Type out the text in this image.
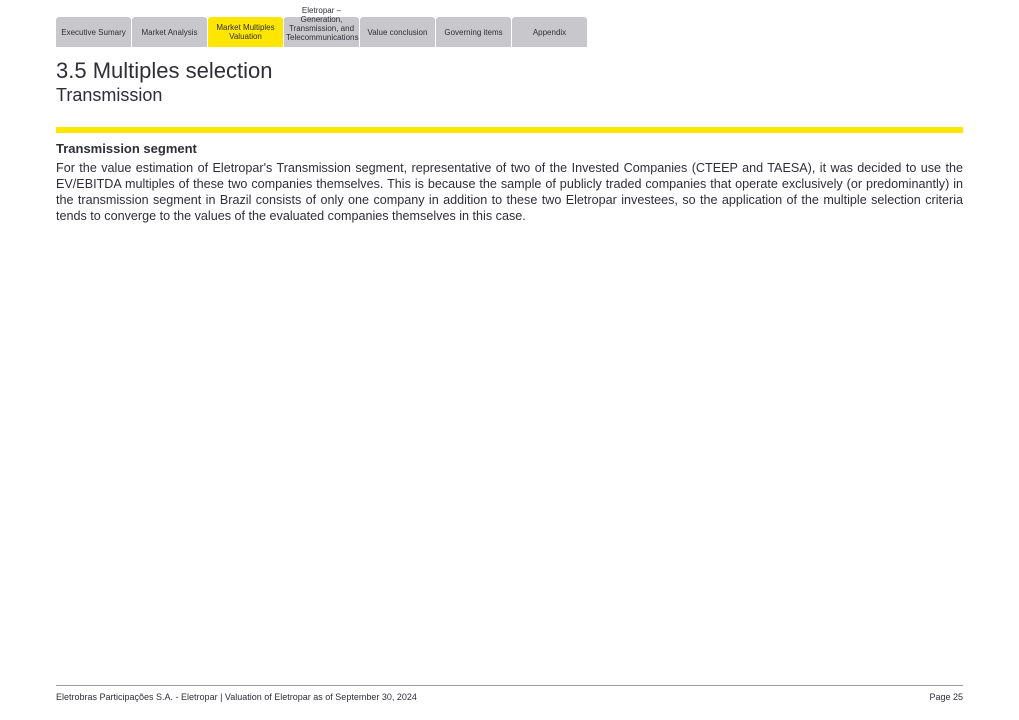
Executive Sumary Market Analysis	Market Multiples Valuation
Eletropar – Generation, Transmission, and Telecommunications
Value conclusion Governing items	Appendix
3.5 Multiples selection
Transmission
Transmission segment

For the value estimation of Eletropar's Transmission segment, representative of two of the Invested Companies (CTEEP and TAESA), it was decided to use the EV/EBITDA multiples of these two companies themselves. This is because the sample of publicly traded companies that operate exclusively (or predominantly) in the transmission segment in Brazil consists of only one company in addition to these two Eletropar investees, so the application of the multiple selection criteria tends to converge to the values of the evaluated companies themselves in this case.

Eletrobras Participações S.A. - Eletropar | Valuation of Eletropar as of September 30, 2024	Page 25
